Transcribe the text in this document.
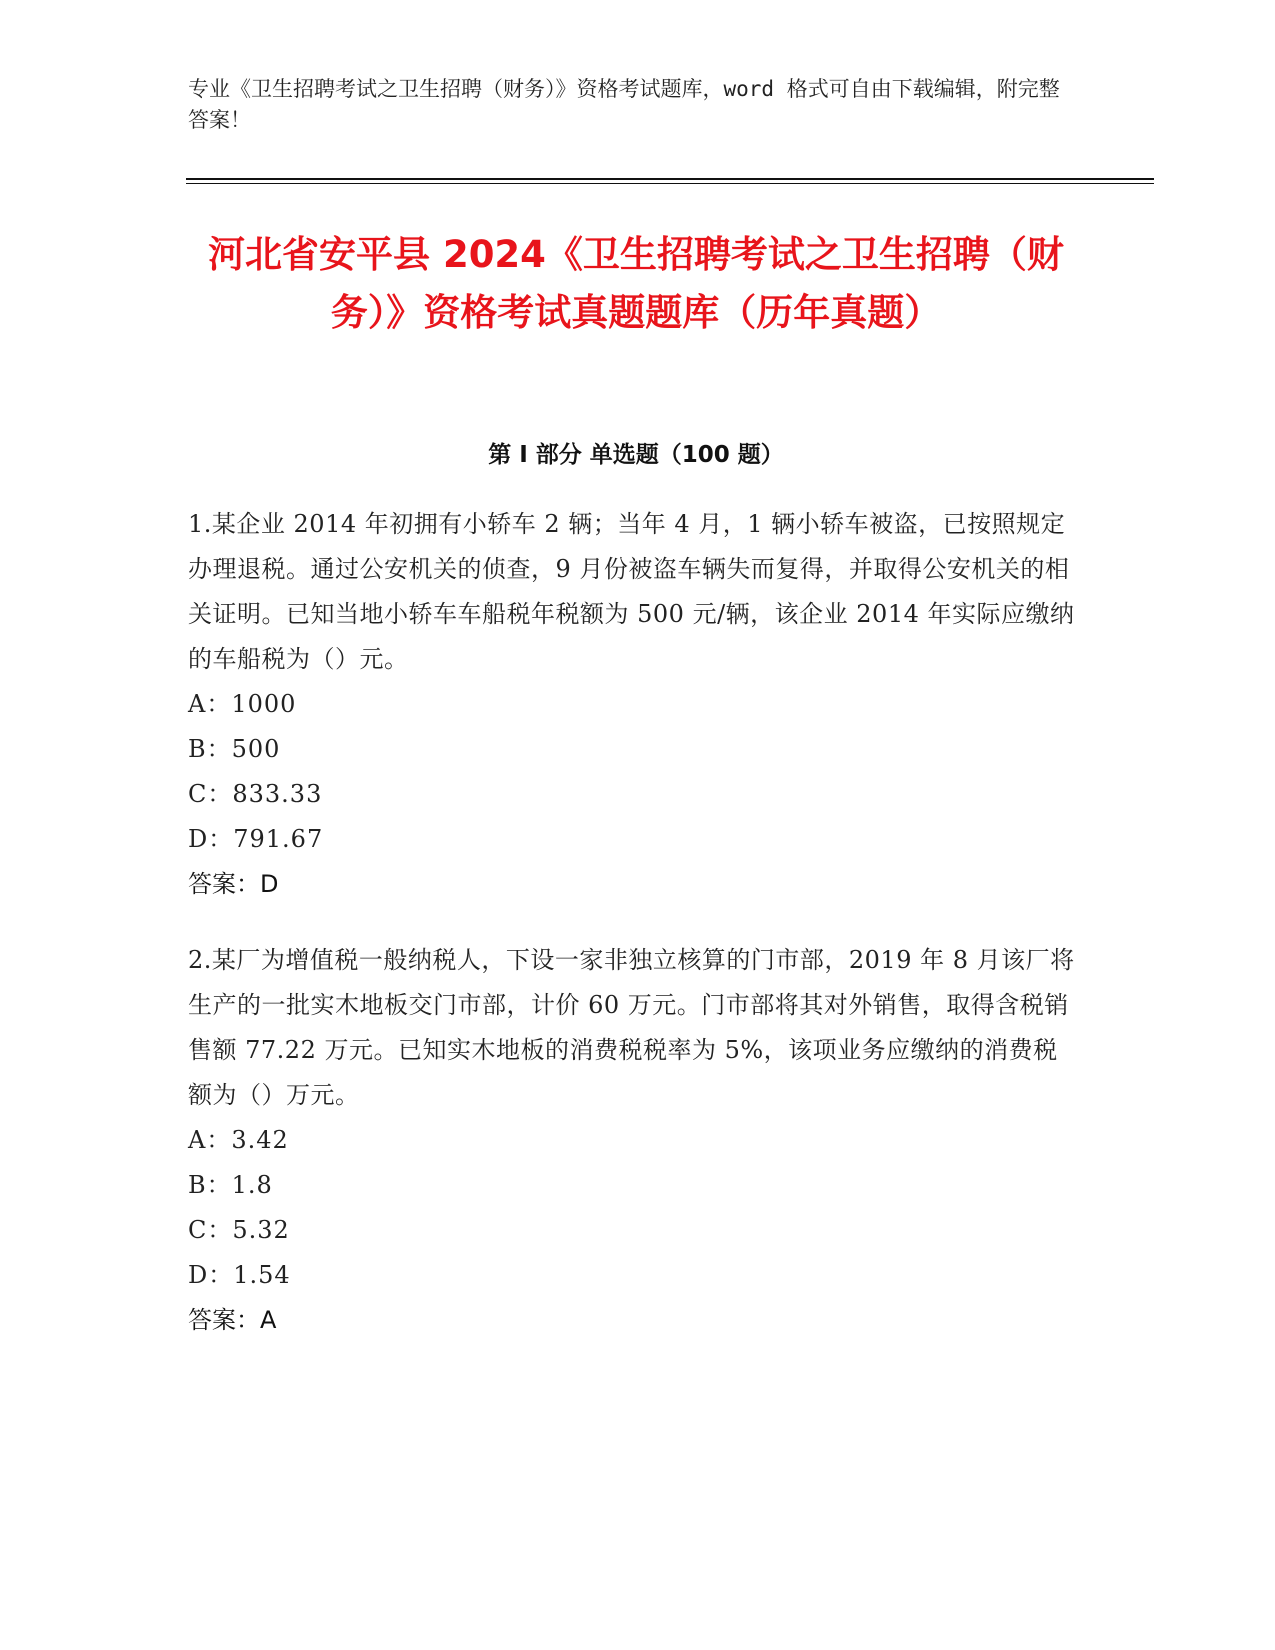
专业《卫生招聘考试之卫生招聘（财务）》资格考试题库，word 格式可自由下载编辑，附完整答案！
河北省安平县 2024《卫生招聘考试之卫生招聘（财务）》资格考试真题题库（历年真题）
第 I 部分 单选题（100 题）

1.某企业 2014 年初拥有小轿车 2 辆；当年 4 月，1 辆小轿车被盗，已按照规定办理退税。通过公安机关的侦查，9 月份被盗车辆失而复得，并取得公安机关的相关证明。已知当地小轿车车船税年税额为 500 元/辆，该企业 2014 年实际应缴纳的车船税为（）元。

A：1000

B：500

C：833.33

D：791.67

答案：D

2.某厂为增值税一般纳税人，下设一家非独立核算的门市部，2019 年 8 月该厂将生产的一批实木地板交门市部，计价 60 万元。门市部将其对外销售，取得含税销售额 77.22 万元。已知实木地板的消费税税率为 5%，该项业务应缴纳的消费税额为（）万元。

A：3.42

B：1.8

C：5.32

D：1.54

答案：A
